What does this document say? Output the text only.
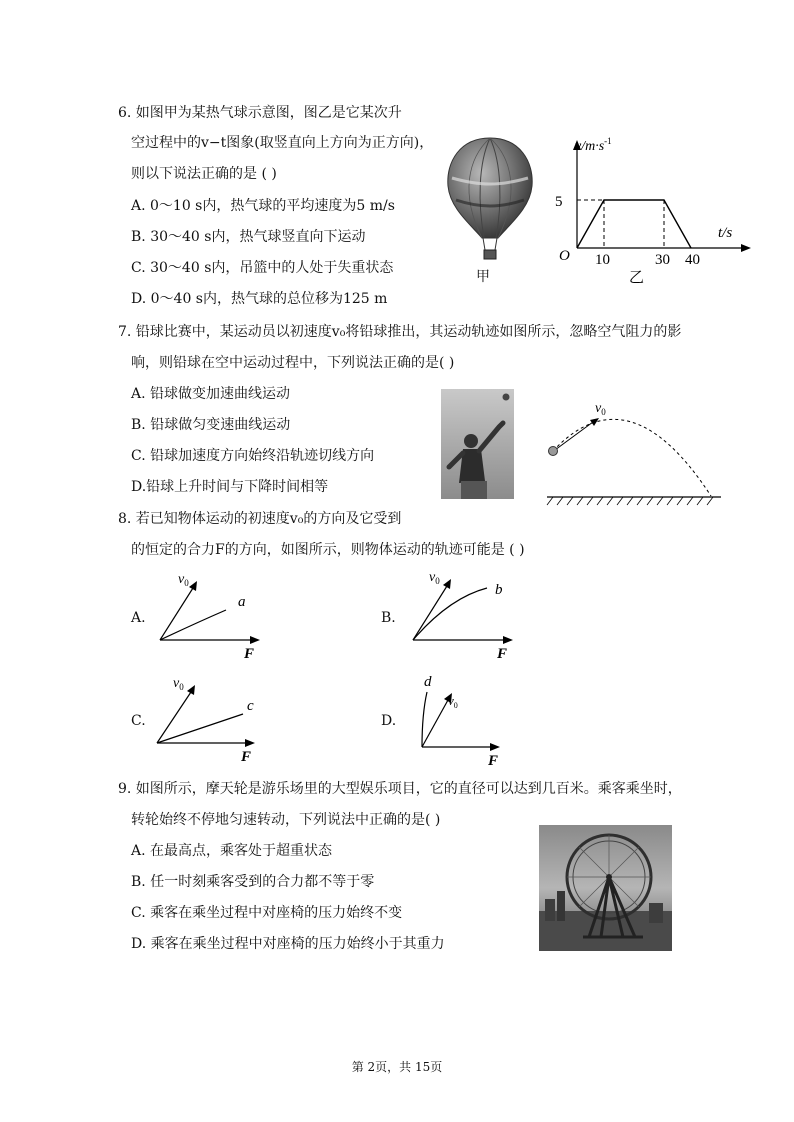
6. 如图甲为某热气球示意图，图乙是它某次升
空过程中的v−t图象(取竖直向上方向为正方向)，
则以下说法正确的是 ( )
A. 0～10 s内，热气球的平均速度为5 m/s
B. 30～40 s内，热气球竖直向下运动
C. 30～40 s内，吊篮中的人处于失重状态
D. 0～40 s内，热气球的总位移为125 m
甲
$v/m\cdot s^{-1}$
5
O 10	30 40
t/s
乙
7. 铅球比赛中，某运动员以初速度v₀将铅球推出，其运动轨迹如图所示，忽略空气阻力的影
响，则铅球在空中运动过程中，下列说法正确的是( )
A. 铅球做变加速曲线运动
B. 铅球做匀变速曲线运动
C. 铅球加速度方向始终沿轨迹切线方向
D.铅球上升时间与下降时间相等
$v_0$
8. 若已知物体运动的初速度v₀的方向及它受到
的恒定的合力F的方向，如图所示，则物体运动的轨迹可能是 ( )
A.
$v_0$
a
F
B.
$v_0$
b
F
C.
$v_0$
c
F
D.
d
$v_0$
F
9. 如图所示，摩天轮是游乐场里的大型娱乐项目，它的直径可以达到几百米。乘客乘坐时，
转轮始终不停地匀速转动，下列说法中正确的是( )
A. 在最高点，乘客处于超重状态
B. 任一时刻乘客受到的合力都不等于零
C. 乘客在乘坐过程中对座椅的压力始终不变
D. 乘客在乘坐过程中对座椅的压力始终小于其重力
第 2页，共 15页
